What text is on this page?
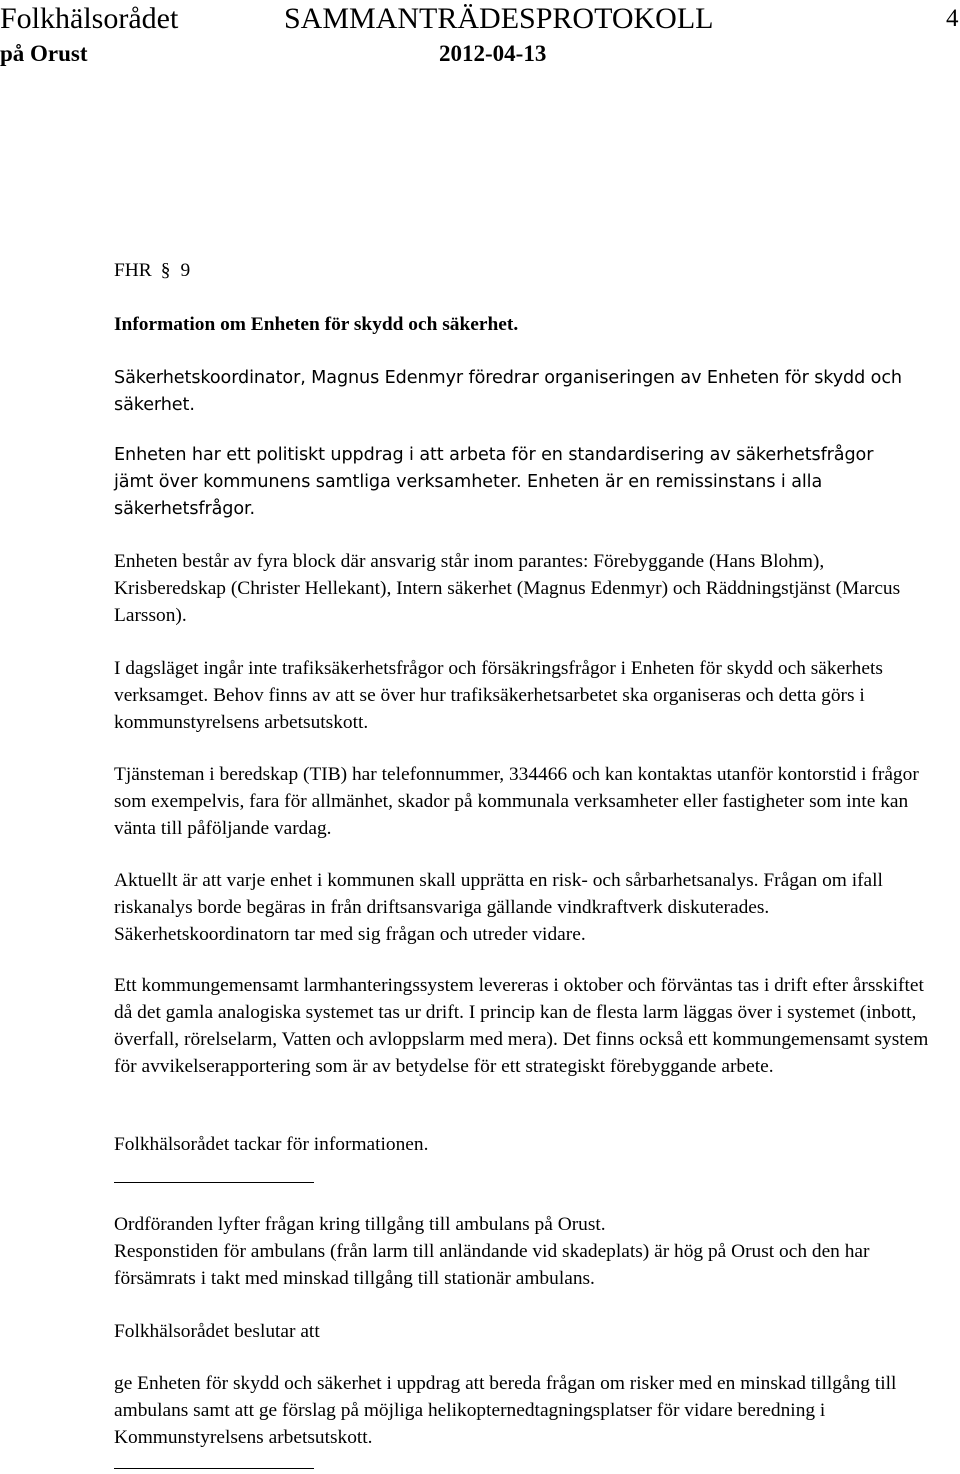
Folkhälsorådet	SAMMANTRÄDESPROTOKOLL	4
på Orust	2012-04-13

FHR § 9

Information om Enheten för skydd och säkerhet.

Säkerhetskoordinator, Magnus Edenmyr föredrar organiseringen av Enheten för skydd och säkerhet.

Enheten har ett politiskt uppdrag i att arbeta för en standardisering av säkerhetsfrågor jämt över kommunens samtliga verksamheter. Enheten är en remissinstans i alla säkerhetsfrågor.

Enheten består av fyra block där ansvarig står inom parantes: Förebyggande (Hans Blohm), Krisberedskap (Christer Hellekant), Intern säkerhet (Magnus Edenmyr) och Räddningstjänst (Marcus Larsson).

I dagsläget ingår inte trafiksäkerhetsfrågor och försäkringsfrågor i Enheten för skydd och säkerhets verksamget. Behov finns av att se över hur trafiksäkerhetsarbetet ska organiseras och detta görs i kommunstyrelsens arbetsutskott.

Tjänsteman i beredskap (TIB) har telefonnummer, 334466 och kan kontaktas utanför kontorstid i frågor som exempelvis, fara för allmänhet, skador på kommunala verksamheter eller fastigheter som inte kan vänta till påföljande vardag.

Aktuellt är att varje enhet i kommunen skall upprätta en risk- och sårbarhetsanalys. Frågan om ifall riskanalys borde begäras in från driftsansvariga gällande vindkraftverk diskuterades. Säkerhetskoordinatorn tar med sig frågan och utreder vidare.

Ett kommungemensamt larmhanteringssystem levereras i oktober och förväntas tas i drift efter årsskiftet då det gamla analogiska systemet tas ur drift. I princip kan de flesta larm läggas över i systemet (inbott, överfall, rörelselarm, Vatten och avloppslarm med mera). Det finns också ett kommungemensamt system för avvikelserapportering som är av betydelse för ett strategiskt förebyggande arbete.

Folkhälsorådet tackar för informationen.

Ordföranden lyfter frågan kring tillgång till ambulans på Orust.

Responstiden för ambulans (från larm till anländande vid skadeplats) är hög på Orust och den har försämrats i takt med minskad tillgång till stationär ambulans.

Folkhälsorådet beslutar att

ge Enheten för skydd och säkerhet i uppdrag att bereda frågan om risker med en minskad tillgång till ambulans samt att ge förslag på möjliga helikopternedtagningsplatser för vidare beredning i Kommunstyrelsens arbetsutskott.
